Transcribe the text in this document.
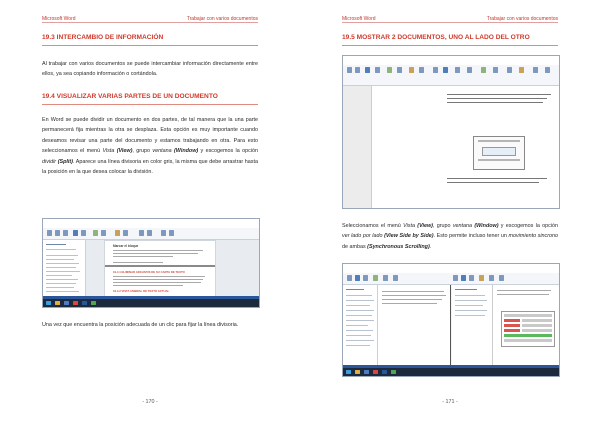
Microsoft Word	Trabajar con varios documentos
19.3 INTERCAMBIO DE INFORMACIÓN
Al trabajar con varios documentos se puede intercambiar información directamente entre ellos, ya sea copiando información o cortándola.
19.4 VISUALIZAR VARIAS PARTES DE UN DOCUMENTO
En Word se puede dividir un documento en dos partes, de tal manera que la una parte permanecerá fija mientras la otra se desplaza. Esta opción es muy importante cuando deseamos revisar una parte del documento y estamos trabajando en otra. Para esto seleccionamos el menú Vista (View), grupo ventana (Window) y escogemos la opción dividir (Split). Aparece una línea divisoria en color gris, la misma que debe arrastrar hasta la posición en la que desea colocar la división.
Marcar el bloque
19.4.1 ELIMINAR ARCHIVOS DE SU CARTA DE TEXTO
19.4.2 VISTA UMBRAL DE TEXTO ACTUAL
Una vez que encuentra la posición adecuada de un clic para fijar la línea divisoria.
- 170 -
Microsoft Word	Trabajar con varios documentos
19.5 MOSTRAR 2 DOCUMENTOS, UNO AL LADO DEL OTRO
Seleccionamos el menú Vista (View), grupo ventana (Window) y escogemos la opción ver lado por lado (View Side by Side). Esto permite incluso tener un movimiento sincrono de ambas (Synchronous Scrolling).
- 171 -
